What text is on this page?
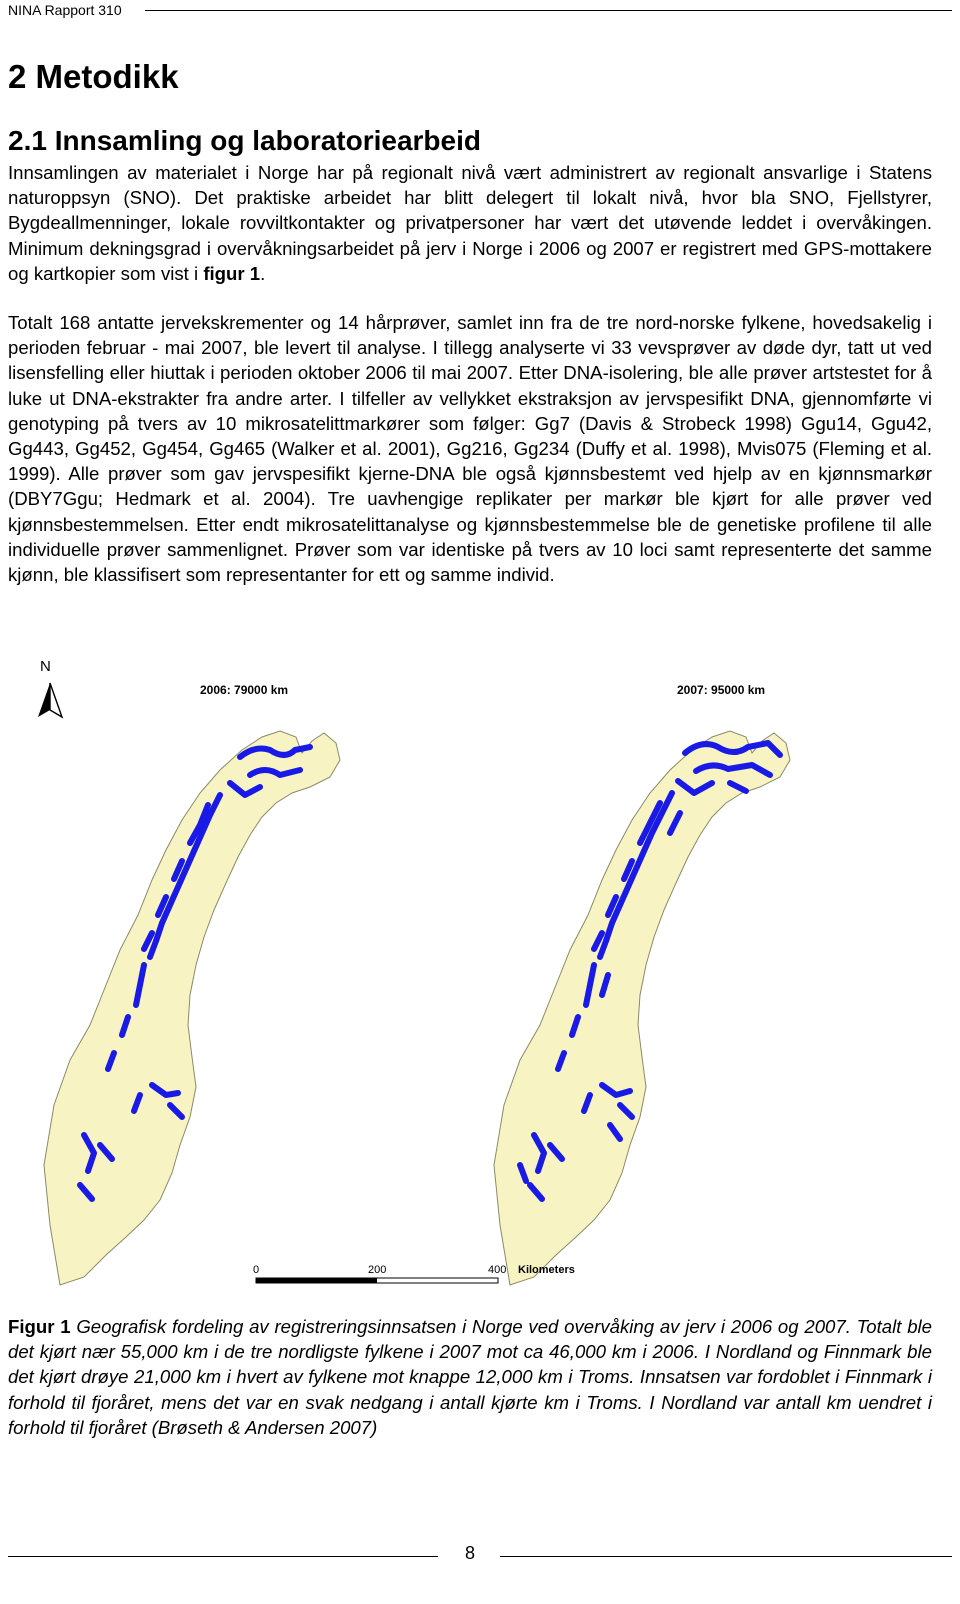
NINA Rapport 310
2 Metodikk
2.1 Innsamling og laboratoriearbeid

Innsamlingen av materialet i Norge har på regionalt nivå vært administrert av regionalt ansvarlige i Statens naturoppsyn (SNO). Det praktiske arbeidet har blitt delegert til lokalt nivå, hvor bla SNO, Fjellstyrer, Bygdeallmenninger, lokale rovviltkontakter og privatpersoner har vært det utøvende leddet i overvåkingen. Minimum dekningsgrad i overvåkningsarbeidet på jerv i Norge i 2006 og 2007 er registrert med GPS-mottakere og kartkopier som vist i figur 1.

Totalt 168 antatte jervekskrementer og 14 hårprøver, samlet inn fra de tre nord-norske fylkene, hovedsakelig i perioden februar - mai 2007, ble levert til analyse. I tillegg analyserte vi 33 vevsprøver av døde dyr, tatt ut ved lisensfelling eller hiuttak i perioden oktober 2006 til mai 2007. Etter DNA-isolering, ble alle prøver artstestet for å luke ut DNA-ekstrakter fra andre arter. I tilfeller av vellykket ekstraksjon av jervspesifikt DNA, gjennomførte vi genotyping på tvers av 10 mikrosatelittmarkører som følger: Gg7 (Davis & Strobeck 1998) Ggu14, Ggu42, Gg443, Gg452, Gg454, Gg465 (Walker et al. 2001), Gg216, Gg234 (Duffy et al. 1998), Mvis075 (Fleming et al. 1999). Alle prøver som gav jervspesifikt kjerne-DNA ble også kjønnsbestemt ved hjelp av en kjønnsmarkør (DBY7Ggu; Hedmark et al. 2004). Tre uavhengige replikater per markør ble kjørt for alle prøver ved kjønnsbestemmelsen. Etter endt mikrosatelittanalyse og kjønnsbestemmelse ble de genetiske profilene til alle individuelle prøver sammenlignet. Prøver som var identiske på tvers av 10 loci samt representerte det samme kjønn, ble klassifisert som representanter for ett og samme individ.

N
2006: 79000 km	2007: 95000 km
0	200	400 Kilometers

Figur 1 Geografisk fordeling av registreringsinnsatsen i Norge ved overvåking av jerv i 2006 og 2007. Totalt ble det kjørt nær 55,000 km i de tre nordligste fylkene i 2007 mot ca 46,000 km i 2006. I Nordland og Finnmark ble det kjørt drøye 21,000 km i hvert av fylkene mot knappe 12,000 km i Troms. Innsatsen var fordoblet i Finnmark i forhold til fjoråret, mens det var en svak nedgang i antall kjørte km i Troms. I Nordland var antall km uendret i forhold til fjoråret (Brøseth & Andersen 2007)

8
